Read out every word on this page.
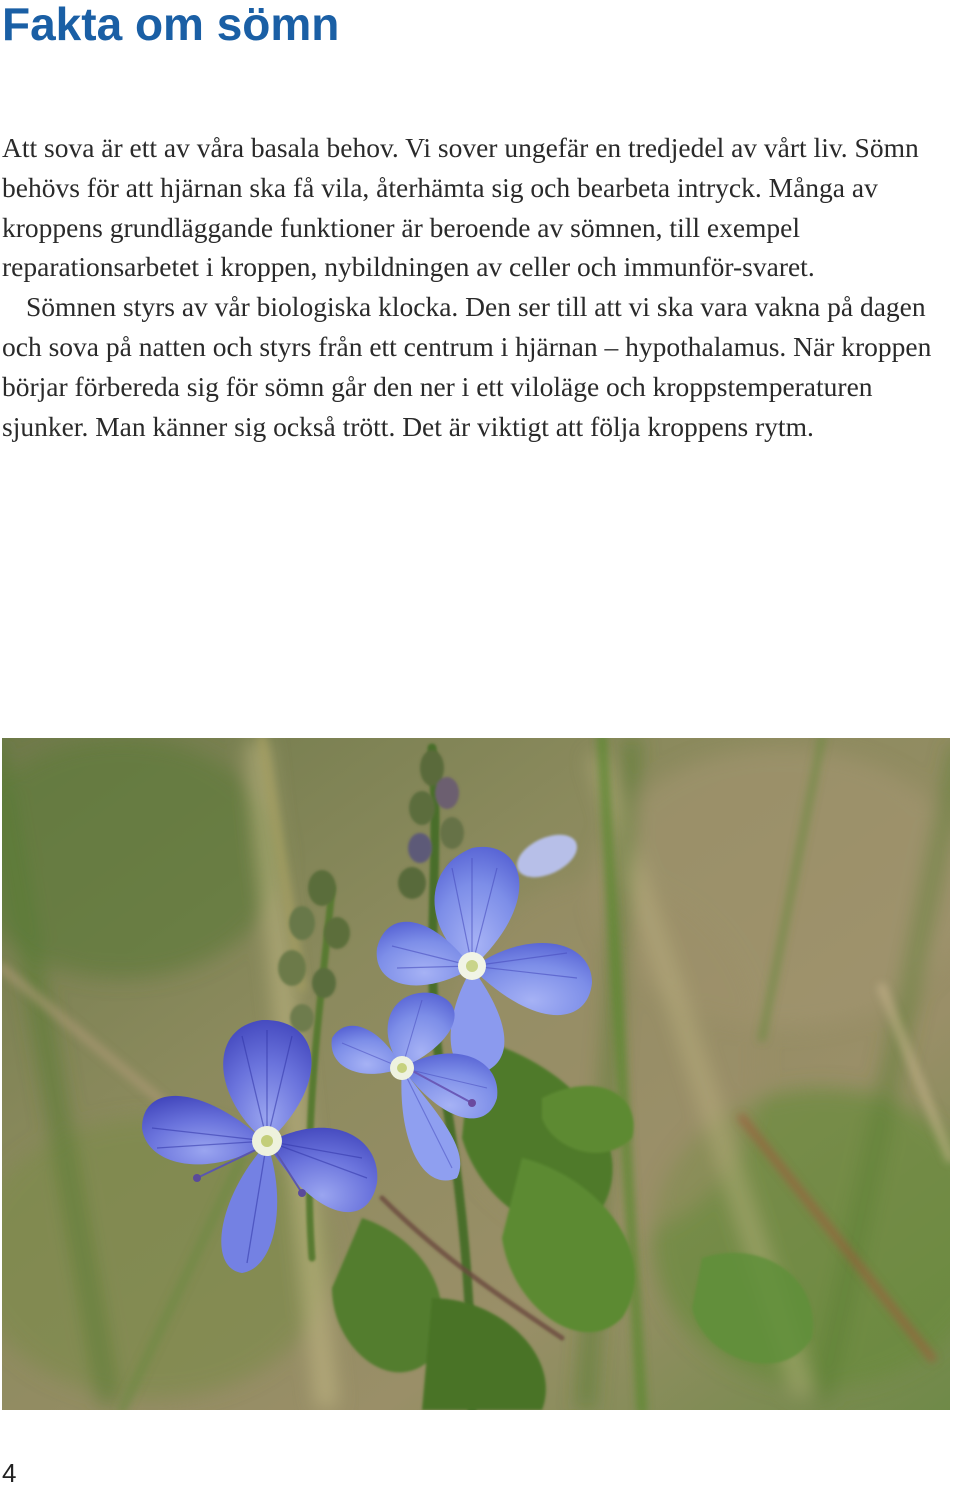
Fakta om sömn

Att sova är ett av våra basala behov. Vi sover ungefär en tredjedel av vårt liv. Sömn behövs för att hjärnan ska få vila, återhämta sig och bearbeta intryck. Många av kroppens grundläggande funktioner är beroende av sömnen, till exempel reparationsarbetet i kroppen, nybildningen av celler och immunför-svaret.

Sömnen styrs av vår biologiska klocka. Den ser till att vi ska vara vakna på dagen och sova på natten och styrs från ett centrum i hjärnan – hypothalamus. När kroppen börjar förbereda sig för sömn går den ner i ett viloläge och kroppstemperaturen sjunker. Man känner sig också trött. Det är viktigt att följa kroppens rytm.

4
